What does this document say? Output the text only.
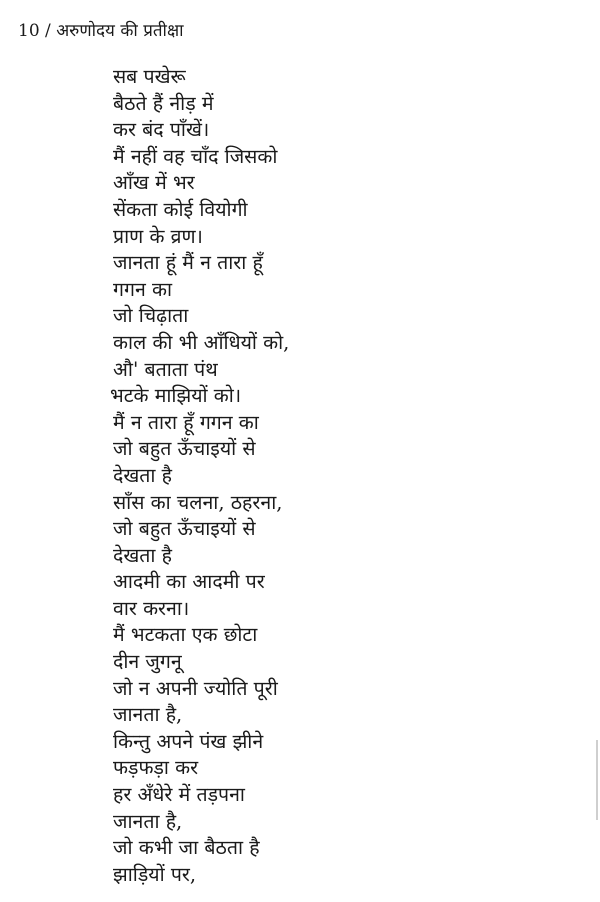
10 / अरुणोदय की प्रतीक्षा
सब पखेरू
बैठते हैं नीड़ में
कर बंद पाँखें।
मैं नहीं वह चाँद जिसको
आँख में भर
सेंकता कोई वियोगी
प्राण के व्रण।
जानता हूं मैं न तारा हूँ
गगन का
जो चिढ़ाता
काल की भी आँधियों को,
औ' बताता पंथ
भटके माझियों को।
मैं न तारा हूँ गगन का
जो बहुत ऊँचाइयों से
देखता है
साँस का चलना, ठहरना,
जो बहुत ऊँचाइयों से
देखता है
आदमी का आदमी पर
वार करना।
मैं भटकता एक छोटा
दीन जुगनू
जो न अपनी ज्योति पूरी
जानता है,
किन्तु अपने पंख झीने
फड़फड़ा कर
हर अँधेरे में तड़पना
जानता है,
जो कभी जा बैठता है
झाड़ियों पर,
